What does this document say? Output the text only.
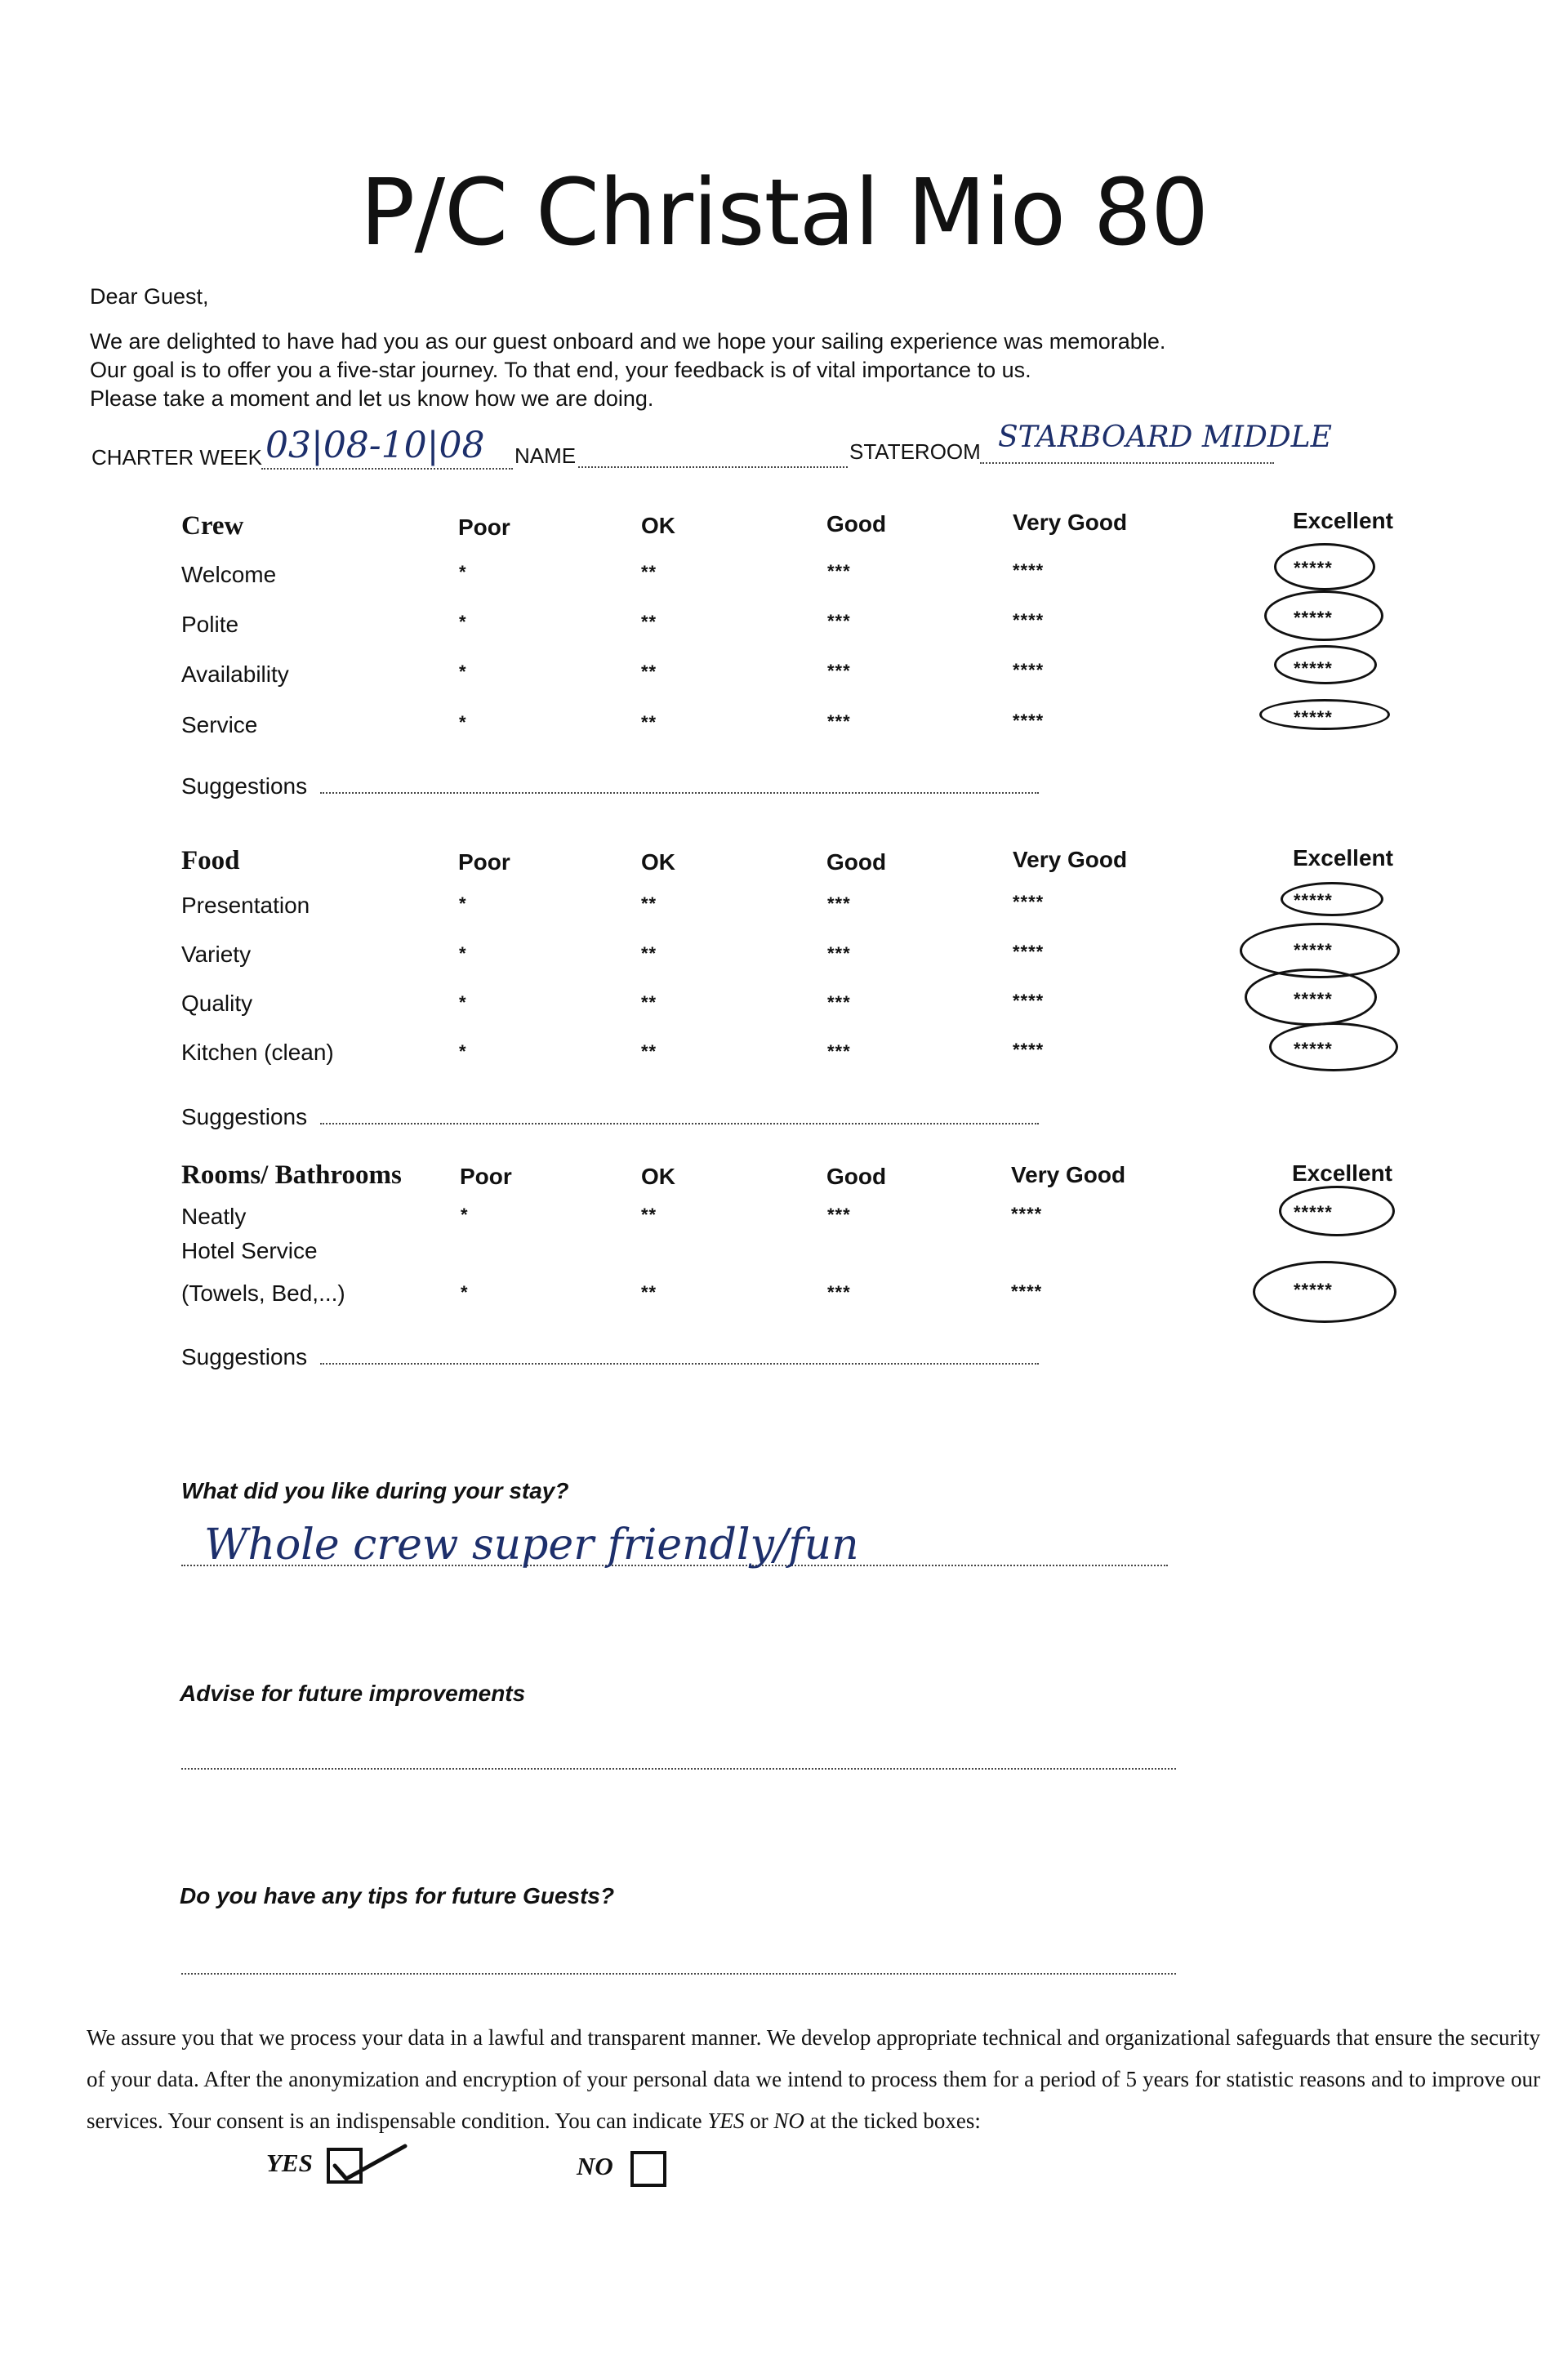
P/C Christal Mio 80
Dear Guest,
We are delighted to have had you as our guest onboard and we hope your sailing experience was memorable.
Our goal is to offer you a five-star journey. To that end, your feedback is of vital importance to us.
Please take a moment and let us know how we are doing.
CHARTER WEEK 03|08-10|08 NAME	STATEROOM STARBOARD MIDDLE
Crew	Poor	OK	Good	Very Good	Excellent
Welcome	*	**	***	****	*****
Polite	*	**	***	****	*****
Availability	*	**	***	****	*****
Service	*	**	***	****	*****
Suggestions
Food	Poor	OK	Good	Very Good	Excellent
Presentation	*	**	***	****	*****
Variety	*	**	***	****	*****
Quality	*	**	***	****	*****
Kitchen (clean)	*	**	***	****	*****
Suggestions
Rooms/ Bathrooms	Poor	OK	Good	Very Good	Excellent
Neatly	*	**	***	****	*****
Hotel Service
(Towels, Bed,...)	*	**	***	****	*****
Suggestions
What did you like during your stay?
Whole crew super friendly/fun
Advise for future improvements
Do you have any tips for future Guests?
We assure you that we process your data in a lawful and transparent manner. We develop appropriate technical and organizational safeguards that ensure the security of your data. After the anonymization and encryption of your personal data we intend to process them for a period of 5 years for statistic reasons and to improve our services. Your consent is an indispensable condition. You can indicate YES or NO at the ticked boxes:
YES	NO
